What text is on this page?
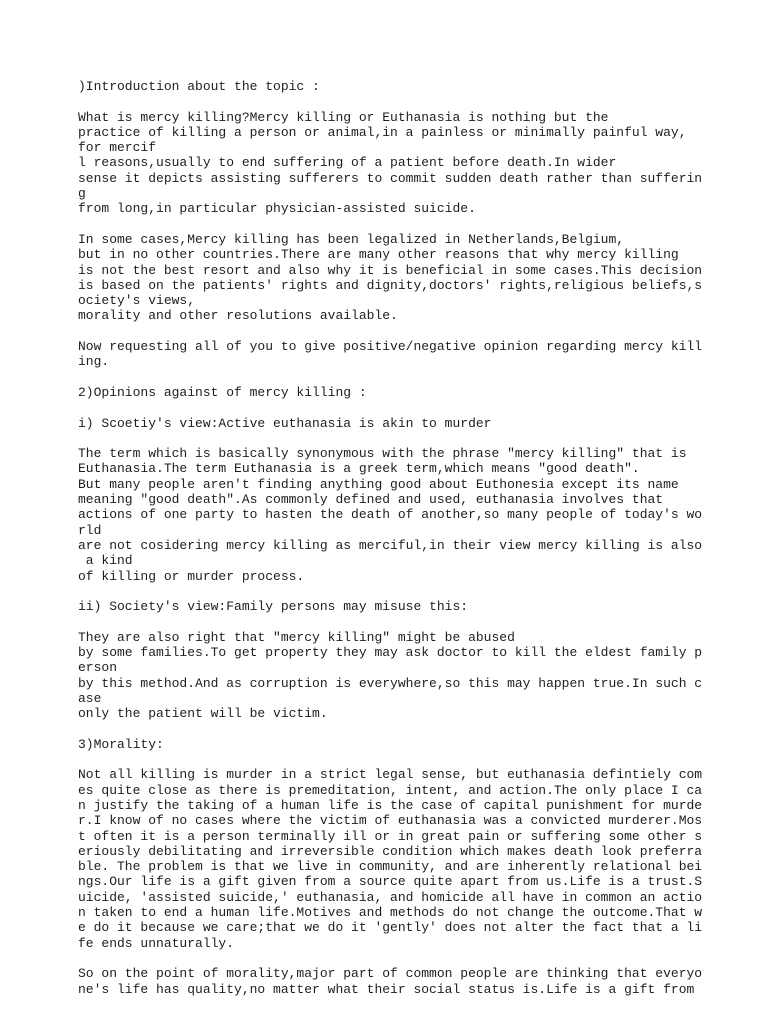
)Introduction about the topic :
What is mercy killing?Mercy killing or Euthanasia is nothing but the
practice of killing a person or animal,in a painless or minimally painful way,
for mercif
l reasons,usually to end suffering of a patient before death.In wider
sense it depicts assisting sufferers to commit sudden death rather than sufferin
g
from long,in particular physician-assisted suicide.
In some cases,Mercy killing has been legalized in Netherlands,Belgium,
but in no other countries.There are many other reasons that why mercy killing
is not the best resort and also why it is beneficial in some cases.This decision
is based on the patients' rights and dignity,doctors' rights,religious beliefs,s
ociety's views,
morality and other resolutions available.
Now requesting all of you to give positive/negative opinion regarding mercy kill
ing.
2)Opinions against of mercy killing :
i) Scoetiy's view:Active euthanasia is akin to murder
The term which is basically synonymous with the phrase "mercy killing" that is
Euthanasia.The term Euthanasia is a greek term,which means "good death".
But many people aren't finding anything good about Euthonesia except its name
meaning "good death".As commonly defined and used, euthanasia involves that
actions of one party to hasten the death of another,so many people of today's wo
rld
are not cosidering mercy killing as merciful,in their view mercy killing is also
a kind
of killing or murder process.
ii) Society's view:Family persons may misuse this:
They are also right that "mercy killing" might be abused
by some families.To get property they may ask doctor to kill the eldest family p
erson
by this method.And as corruption is everywhere,so this may happen true.In such c
ase
only the patient will be victim.
3)Morality:
Not all killing is murder in a strict legal sense, but euthanasia defintiely com
es quite close as there is premeditation, intent, and action.The only place I ca
n justify the taking of a human life is the case of capital punishment for murde
r.I know of no cases where the victim of euthanasia was a convicted murderer.Mos
t often it is a person terminally ill or in great pain or suffering some other s
eriously debilitating and irreversible condition which makes death look preferra
ble. The problem is that we live in community, and are inherently relational bei
ngs.Our life is a gift given from a source quite apart from us.Life is a trust.S
uicide, 'assisted suicide,' euthanasia, and homicide all have in common an actio
n taken to end a human life.Motives and methods do not change the outcome.That w
e do it because we care;that we do it 'gently' does not alter the fact that a li
fe ends unnaturally.
So on the point of morality,major part of common people are thinking that everyo
ne's life has quality,no matter what their social status is.Life is a gift from
